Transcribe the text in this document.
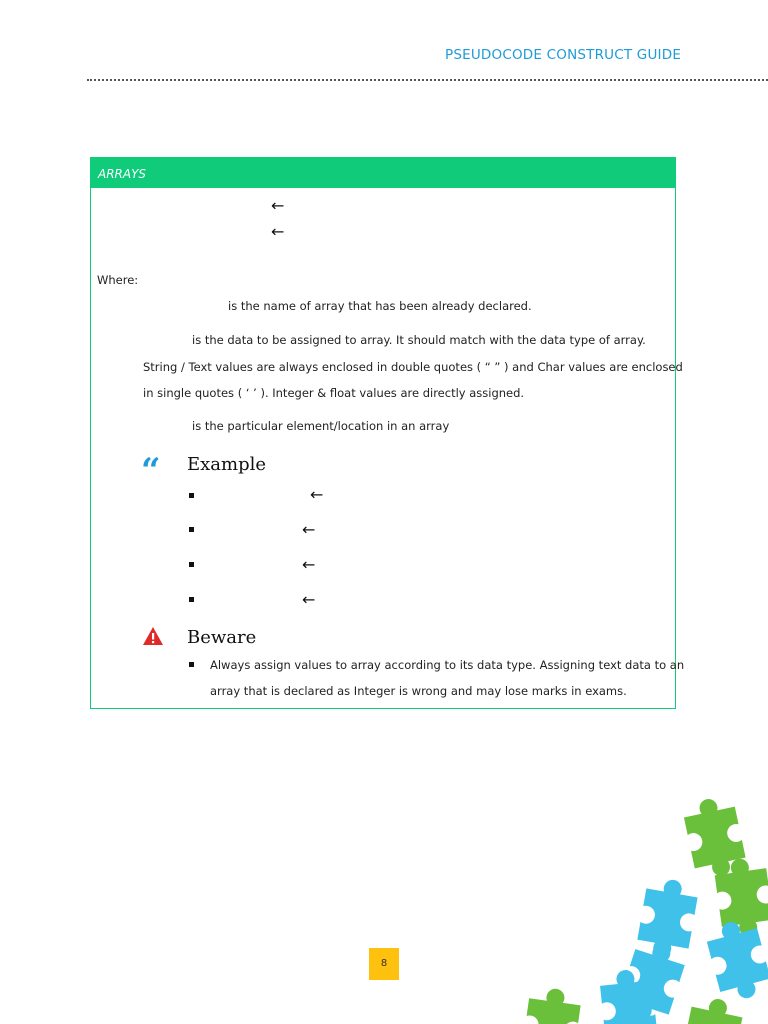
PSEUDOCODE CONSTRUCT GUIDE
ARRAYS
←
←
Where:
is the name of array that has been already declared.
is the data to be assigned to array. It should match with the data type of array.
String / Text values are always enclosed in double quotes ( “ ” ) and Char values are enclosed
in single quotes ( ‘ ’ ). Integer & float values are directly assigned.
is the particular element/location in an array
“ Example
←
←
←
←
Beware
Always assign values to array according to its data type. Assigning text data to an
array that is declared as Integer is wrong and may lose marks in exams.
8
